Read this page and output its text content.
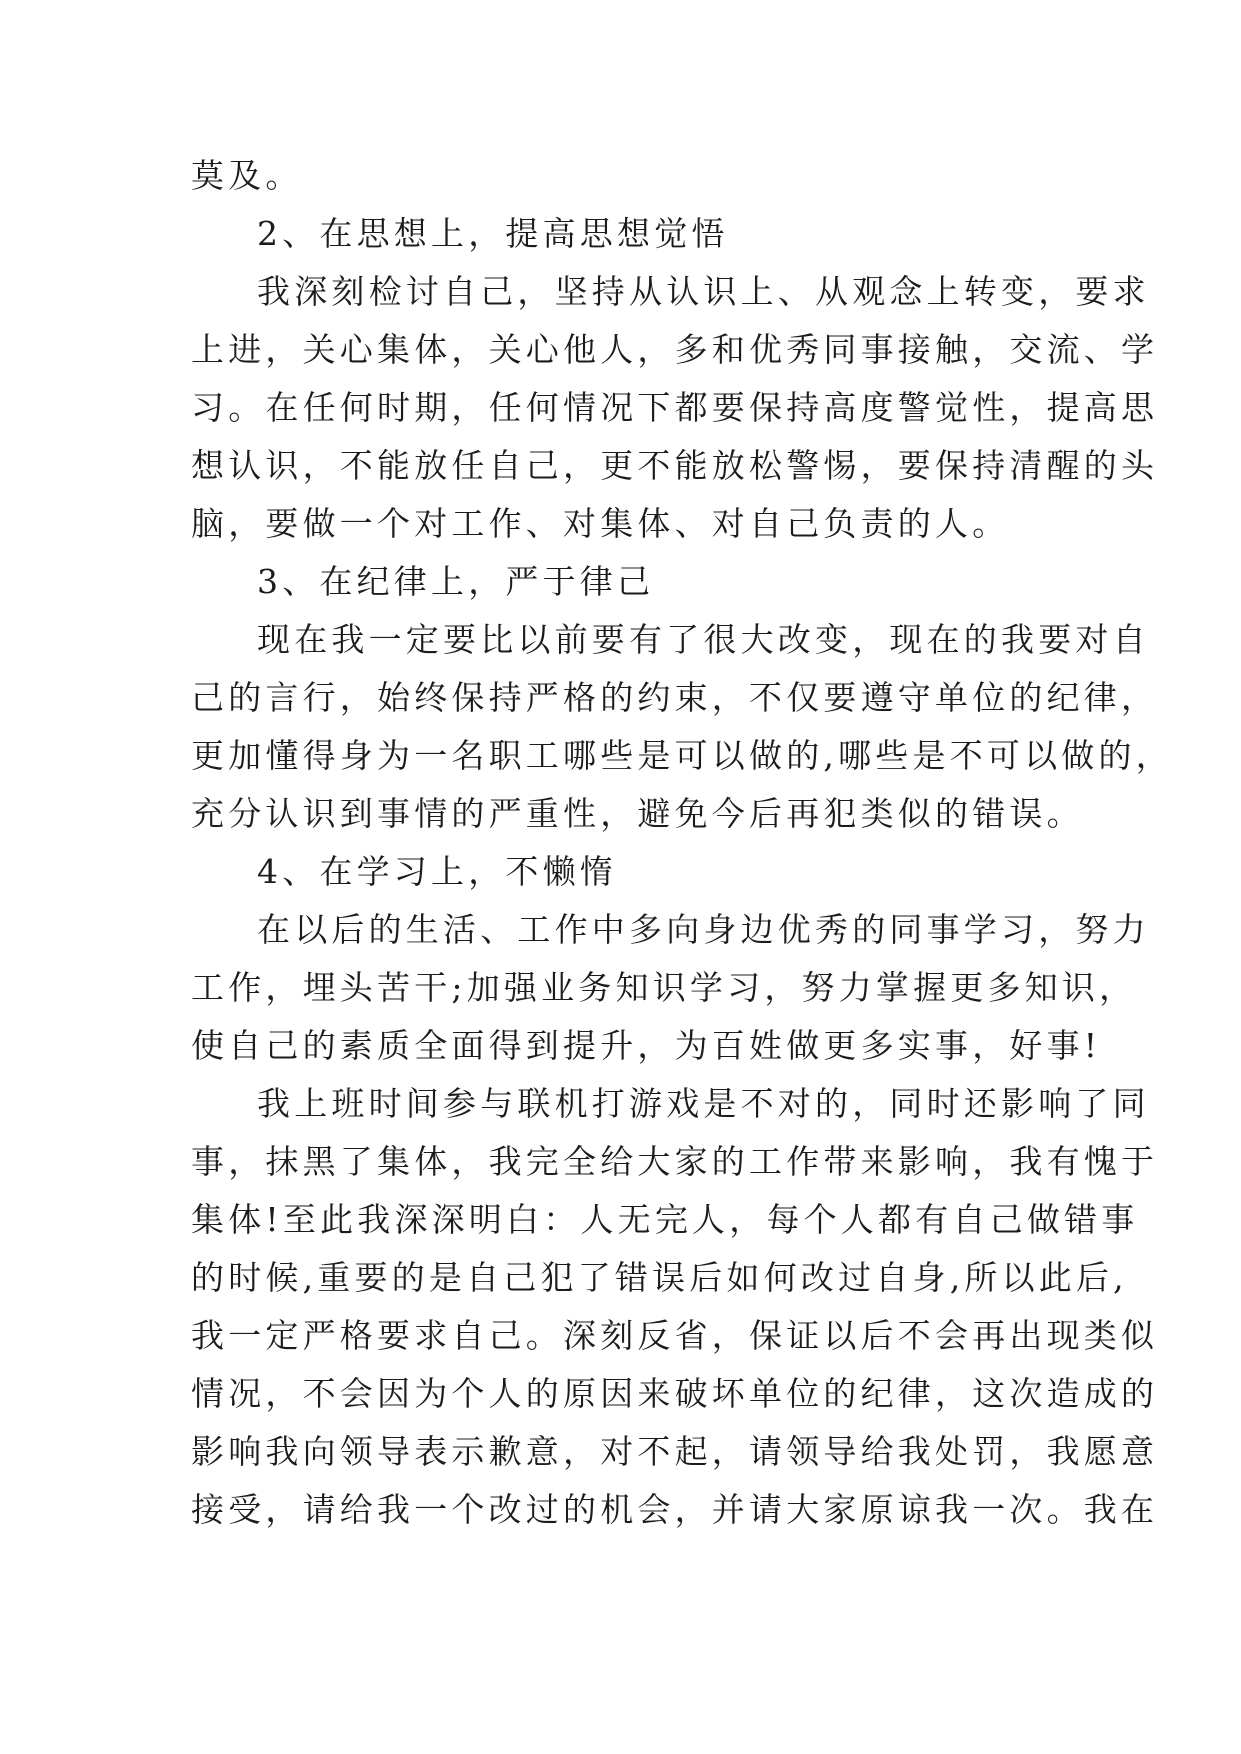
莫及。
2、在思想上，提高思想觉悟
我深刻检讨自己，坚持从认识上、从观念上转变，要求
上进，关心集体，关心他人，多和优秀同事接触，交流、学
习。在任何时期，任何情况下都要保持高度警觉性，提高思
想认识，不能放任自己，更不能放松警惕，要保持清醒的头
脑，要做一个对工作、对集体、对自己负责的人。
3、在纪律上，严于律己
现在我一定要比以前要有了很大改变，现在的我要对自
己的言行，始终保持严格的约束，不仅要遵守单位的纪律，
更加懂得身为一名职工哪些是可以做的,哪些是不可以做的，
充分认识到事情的严重性，避免今后再犯类似的错误。
4、在学习上，不懒惰
在以后的生活、工作中多向身边优秀的同事学习，努力
工作，埋头苦干;加强业务知识学习，努力掌握更多知识，
使自己的素质全面得到提升，为百姓做更多实事，好事!
我上班时间参与联机打游戏是不对的，同时还影响了同
事，抹黑了集体，我完全给大家的工作带来影响，我有愧于
集体!至此我深深明白：人无完人，每个人都有自己做错事
的时候,重要的是自己犯了错误后如何改过自身,所以此后,
我一定严格要求自己。深刻反省，保证以后不会再出现类似
情况，不会因为个人的原因来破坏单位的纪律，这次造成的
影响我向领导表示歉意，对不起，请领导给我处罚，我愿意
接受，请给我一个改过的机会，并请大家原谅我一次。我在
